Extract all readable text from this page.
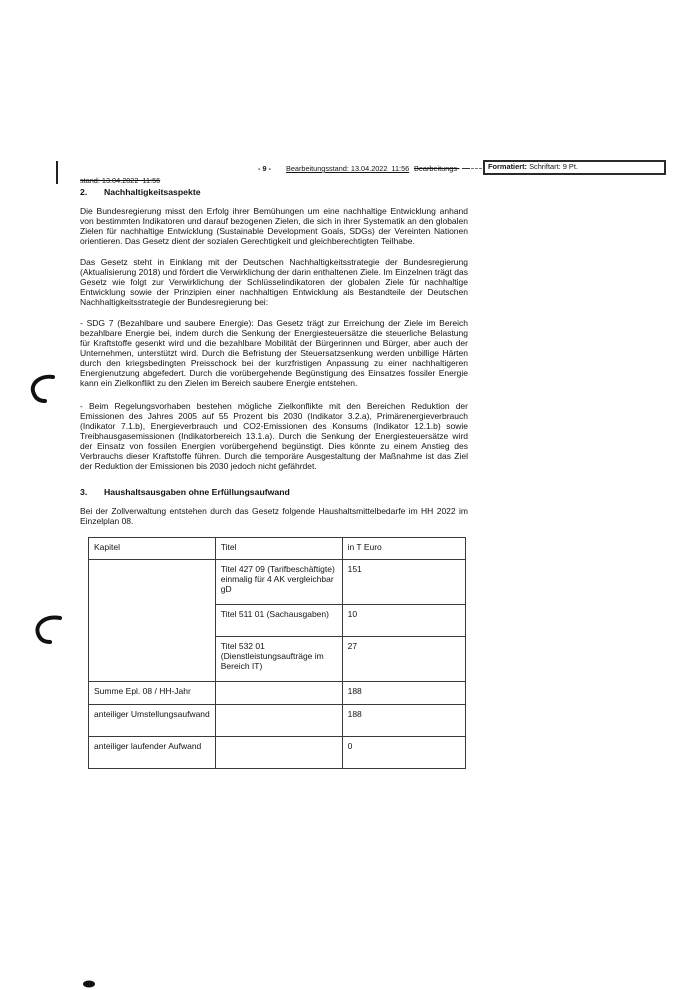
- 9 - Bearbeitungsstand: 13.04.2022  11:56 Bearbeitungs-
stand: 13.04.2022  11:56
Formatiert: Schriftart: 9 Pt.
2. Nachhaltigkeitsaspekte

Die Bundesregierung misst den Erfolg ihrer Bemühungen um eine nachhaltige Entwicklung anhand von bestimmten Indikatoren und darauf bezogenen Zielen, die sich in ihrer Systematik an den globalen Zielen für nachhaltige Entwicklung (Sustainable Development Goals, SDGs) der Vereinten Nationen orientieren. Das Gesetz dient der sozialen Gerechtigkeit und gleichberechtigten Teilhabe.

Das Gesetz steht in Einklang mit der Deutschen Nachhaltigkeitsstrategie der Bundesregierung (Aktualisierung 2018) und fördert die Verwirklichung der darin enthaltenen Ziele. Im Einzelnen trägt das Gesetz wie folgt zur Verwirklichung der Schlüsselindikatoren der globalen Ziele für nachhaltige Entwicklung sowie der Prinzipien einer nachhaltigen Entwicklung als Bestandteile der Deutschen Nachhaltigkeitsstrategie der Bundesregierung bei:

- SDG 7 (Bezahlbare und saubere Energie): Das Gesetz trägt zur Erreichung der Ziele im Bereich bezahlbare Energie bei, indem durch die Senkung der Energiesteuersätze die steuerliche Belastung für Kraftstoffe gesenkt wird und die bezahlbare Mobilität der Bürgerinnen und Bürger, aber auch der Unternehmen, unterstützt wird. Durch die Befristung der Steuersatzsenkung werden unbillige Härten durch den kriegsbedingten Preisschock bei der kurzfristigen Anpassung zu einer nachhaltigeren Energienutzung abgefedert. Durch die vorübergehende Begünstigung des Einsatzes fossiler Energie kann ein Zielkonflikt zu den Zielen im Bereich saubere Energie entstehen.

- Beim Regelungsvorhaben bestehen mögliche Zielkonflikte mit den Bereichen Reduktion der Emissionen des Jahres 2005 auf 55 Prozent bis 2030 (Indikator 3.2.a), Primärenergieverbrauch (Indikator 7.1.b), Energieverbrauch und CO2-Emissionen des Konsums (Indikator 12.1.b) sowie Treibhausgasemissionen (Indikatorbereich 13.1.a). Durch die Senkung der Energiesteuersätze wird der Einsatz von fossilen Energien vorübergehend begünstigt. Dies könnte zu einem Anstieg des Verbrauchs dieser Kraftstoffe führen. Durch die temporäre Ausgestaltung der Maßnahme ist das Ziel der Reduktion der Emissionen bis 2030 jedoch nicht gefährdet.

3. Haushaltsausgaben ohne Erfüllungsaufwand

Bei der Zollverwaltung entstehen durch das Gesetz folgende Haushaltsmittelbedarfe im HH 2022 im Einzelplan 08.

Kapitel	Titel	in T Euro
	Titel 427 09 (Tarifbeschäftigte) einmalig für 4 AK vergleichbar gD	151
	Titel 511 01 (Sachausgaben)	10
	Titel 532 01 (Dienstleistungsaufträge im Bereich IT)	27
Summe Epl. 08 / HH-Jahr		188
anteiliger Umstellungsaufwand		188
anteiliger laufender Aufwand		0
